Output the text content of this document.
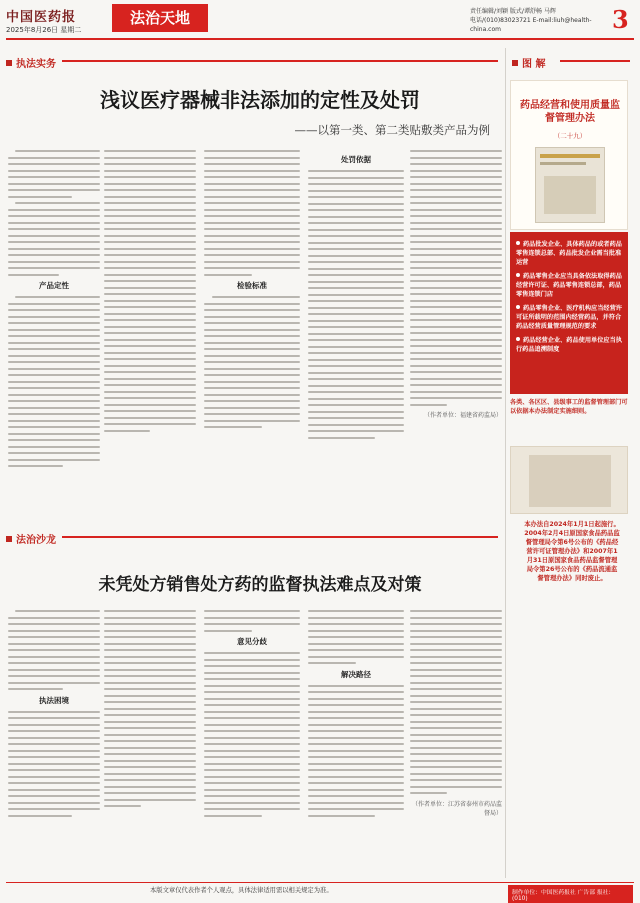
中国医药报
2025年8月26日 星期二
法治天地	责任编辑/刘颖 版式/谭舒畅 马辉
电话/(010)83023721 E-mail:liuh@health-china.com	3
执法实务
浅议医疗器械非法添加的定性及处罚
——以第一类、第二类贴敷类产品为例
产品定性	检验标准
处罚依据
（作者单位：福建省药监局）
图 解
药品经营和使用质量监督管理办法
（二十九）
药品批发企业、具体药品的或者药品零售连锁总部、药品批发企业需当批准运营
药品零售企业应当具备依法取得药品经营许可证、药品零售连锁总部，药品零售连锁门店
药品零售企业、医疗机构应当经营许可证所载明的范围内经营药品，并符合药品经营质量管理规范的要求
药品经营企业、药品使用单位应当执行药品追溯制度
各类、各区区、县级事工的监督管理部门可以依据本办法制定实施细则。
本办法自2024年1月1日起施行。2004年2月4日原国家食品药品监督管理局令第6号公布的《药品经营许可证管理办法》和2007年1月31日原国家食品药品监督管理局令第26号公布的《药品流通监督管理办法》同时废止。
法治沙龙
未凭处方销售处方药的监督执法难点及对策
执法困境
意见分歧
解决路径
（作者单位：江苏省泰州市药品监督局）
本版文章仅代表作者个人观点，具体法律适用需以相关规定为准。	制作单位：中国医药报社 广告部 报社：(010)
